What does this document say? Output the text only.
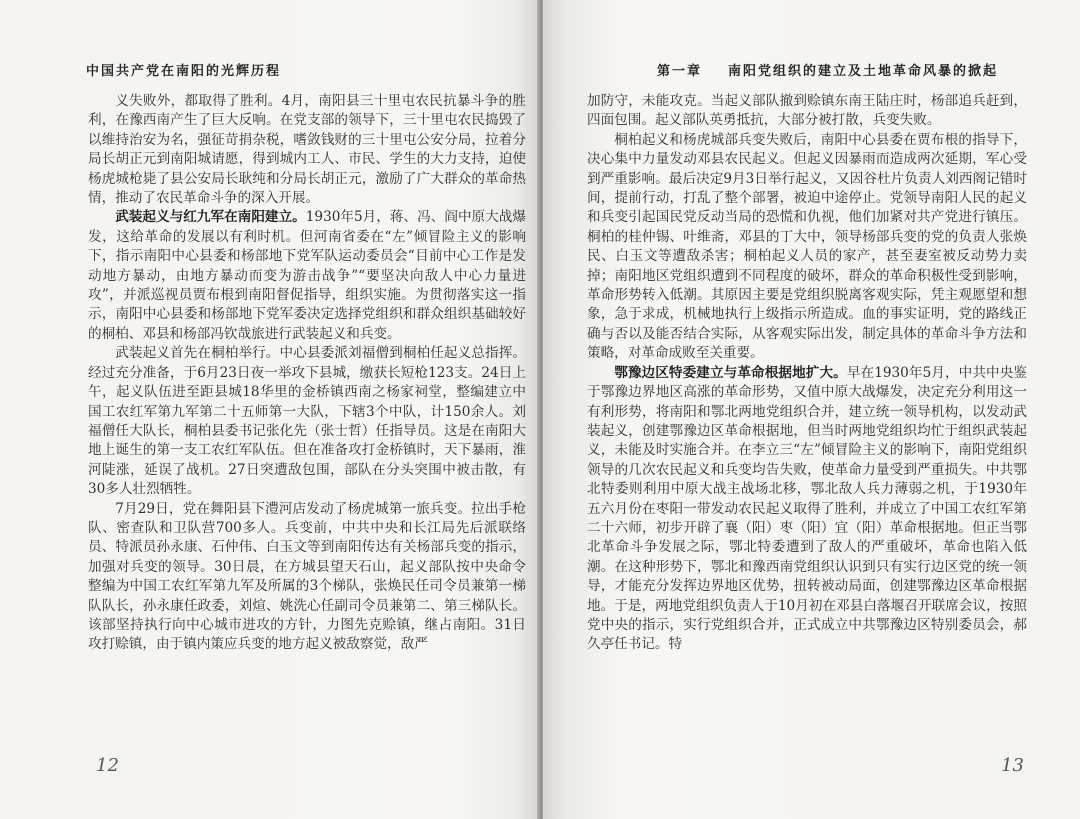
中国共产党在南阳的光辉历程

义失败外，都取得了胜利。4月，南阳县三十里屯农民抗暴斗争的胜利，在豫西南产生了巨大反响。在党支部的领导下，三十里屯农民捣毁了以维持治安为名，强征苛捐杂税，嗜敛钱财的三十里屯公安分局，拉着分局长胡正元到南阳城请愿，得到城内工人、市民、学生的大力支持，迫使杨虎城枪毙了县公安局长耿纯和分局长胡正元，激励了广大群众的革命热情，推动了农民革命斗争的深入开展。

武装起义与红九军在南阳建立。1930年5月，蒋、冯、阎中原大战爆发，这给革命的发展以有利时机。但河南省委在“左”倾冒险主义的影响下，指示南阳中心县委和杨部地下党军队运动委员会“目前中心工作是发动地方暴动，由地方暴动而变为游击战争”“要坚决向敌人中心力量进攻”，并派巡视员贾布根到南阳督促指导，组织实施。为贯彻落实这一指示，南阳中心县委和杨部地下党军委决定选择党组织和群众组织基础较好的桐柏、邓县和杨部冯钦哉旅进行武装起义和兵变。

武装起义首先在桐柏举行。中心县委派刘福僧到桐柏任起义总指挥。经过充分准备，于6月23日夜一举攻下县城，缴获长短枪123支。24日上午，起义队伍进至距县城18华里的金桥镇西南之杨家祠堂，整编建立中国工农红军第九军第二十五师第一大队，下辖3个中队，计150余人。刘福僧任大队长，桐柏县委书记张化先（张士哲）任指导员。这是在南阳大地上诞生的第一支工农红军队伍。但在准备攻打金桥镇时，天下暴雨，淮河陡涨，延误了战机。27日突遭敌包围，部队在分头突围中被击散，有30多人壮烈牺牲。

7月29日，党在舞阳县下澧河店发动了杨虎城第一旅兵变。拉出手枪队、密查队和卫队营700多人。兵变前，中共中央和长江局先后派联络员、特派员孙永康、石仲伟、白玉文等到南阳传达有关杨部兵变的指示，加强对兵变的领导。30日晨，在方城县望天石山，起义部队按中央命令整编为中国工农红军第九军及所属的3个梯队，张焕民任司令员兼第一梯队队长，孙永康任政委，刘煊、姚洗心任副司令员兼第二、第三梯队长。该部坚持执行向中心城市进攻的方针，力图先克赊镇，继占南阳。31日攻打赊镇，由于镇内策应兵变的地方起义被敌察觉，敌严

12
第一章 南阳党组织的建立及土地革命风暴的掀起

加防守，未能攻克。当起义部队撤到赊镇东南王陆庄时，杨部追兵赶到，四面包围。起义部队英勇抵抗，大部分被打散，兵变失败。

桐柏起义和杨虎城部兵变失败后，南阳中心县委在贾布根的指导下，决心集中力量发动邓县农民起义。但起义因暴雨而造成两次延期，军心受到严重影响。最后决定9月3日举行起义，又因谷杜片负责人刘西阁记错时间，提前行动，打乱了整个部署，被迫中途停止。党领导南阳人民的起义和兵变引起国民党反动当局的恐慌和仇视，他们加紧对共产党进行镇压。桐柏的桂仲锡、叶维斋，邓县的丁大中，领导杨部兵变的党的负责人张焕民、白玉文等遭敌杀害；桐柏起义人员的家产，甚至妻室被反动势力卖掉；南阳地区党组织遭到不同程度的破坏，群众的革命积极性受到影响，革命形势转入低潮。其原因主要是党组织脱离客观实际，凭主观愿望和想象，急于求成，机械地执行上级指示所造成。血的事实证明，党的路线正确与否以及能否结合实际，从客观实际出发，制定具体的革命斗争方法和策略，对革命成败至关重要。

鄂豫边区特委建立与革命根据地扩大。早在1930年5月，中共中央鉴于鄂豫边界地区高涨的革命形势，又值中原大战爆发，决定充分利用这一有利形势，将南阳和鄂北两地党组织合并，建立统一领导机构，以发动武装起义，创建鄂豫边区革命根据地，但当时两地党组织均忙于组织武装起义，未能及时实施合并。在李立三“左”倾冒险主义的影响下，南阳党组织领导的几次农民起义和兵变均告失败，使革命力量受到严重损失。中共鄂北特委则利用中原大战主战场北移，鄂北敌人兵力薄弱之机，于1930年五六月份在枣阳一带发动农民起义取得了胜利，并成立了中国工农红军第二十六师，初步开辟了襄（阳）枣（阳）宜（阳）革命根据地。但正当鄂北革命斗争发展之际，鄂北特委遭到了敌人的严重破坏，革命也陷入低潮。在这种形势下，鄂北和豫西南党组织认识到只有实行边区党的统一领导，才能充分发挥边界地区优势，扭转被动局面，创建鄂豫边区革命根据地。于是，两地党组织负责人于10月初在邓县白落堰召开联席会议，按照党中央的指示，实行党组织合并，正式成立中共鄂豫边区特别委员会，郝久亭任书记。特

13
